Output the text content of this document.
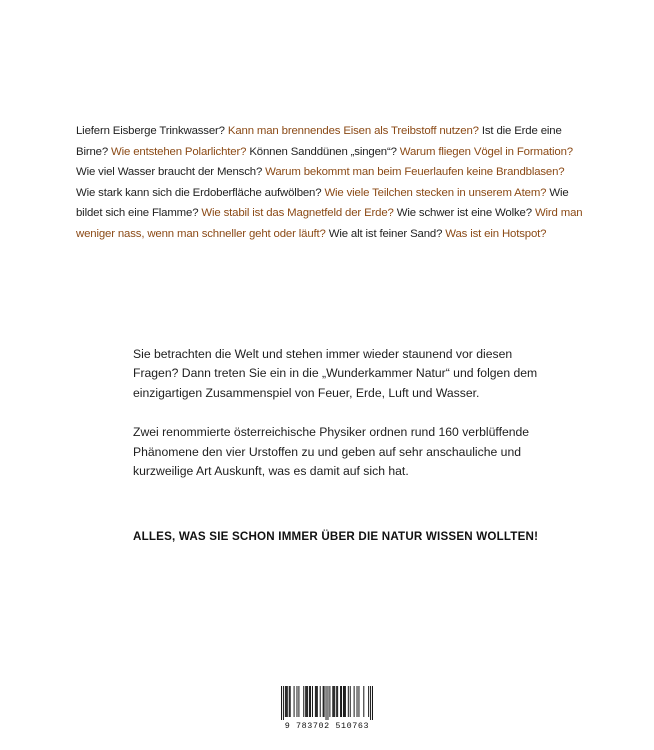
Liefern Eisberge Trinkwasser? Kann man brennendes Eisen als Treibstoff nutzen? Ist die Erde eine Birne? Wie entstehen Polarlichter? Können Sanddünen „singen“? Warum fliegen Vögel in Formation? Wie viel Wasser braucht der Mensch? Warum bekommt man beim Feuerlaufen keine Brandblasen? Wie stark kann sich die Erdoberfläche aufwölben? Wie viele Teilchen stecken in unserem Atem? Wie bildet sich eine Flamme? Wie stabil ist das Magnetfeld der Erde? Wie schwer ist eine Wolke? Wird man weniger nass, wenn man schneller geht oder läuft? Wie alt ist feiner Sand? Was ist ein Hotspot?

Sie betrachten die Welt und stehen immer wieder staunend vor diesen Fragen? Dann treten Sie ein in die „Wunderkammer Natur“ und folgen dem einzigartigen Zusammenspiel von Feuer, Erde, Luft und Wasser.

Zwei renommierte österreichische Physiker ordnen rund 160 verblüffende Phänomene den vier Urstoffen zu und geben auf sehr anschauliche und kurzweilige Art Auskunft, was es damit auf sich hat.

ALLES, WAS SIE SCHON IMMER ÜBER DIE NATUR WISSEN WOLLTEN!

9 783702 510763
